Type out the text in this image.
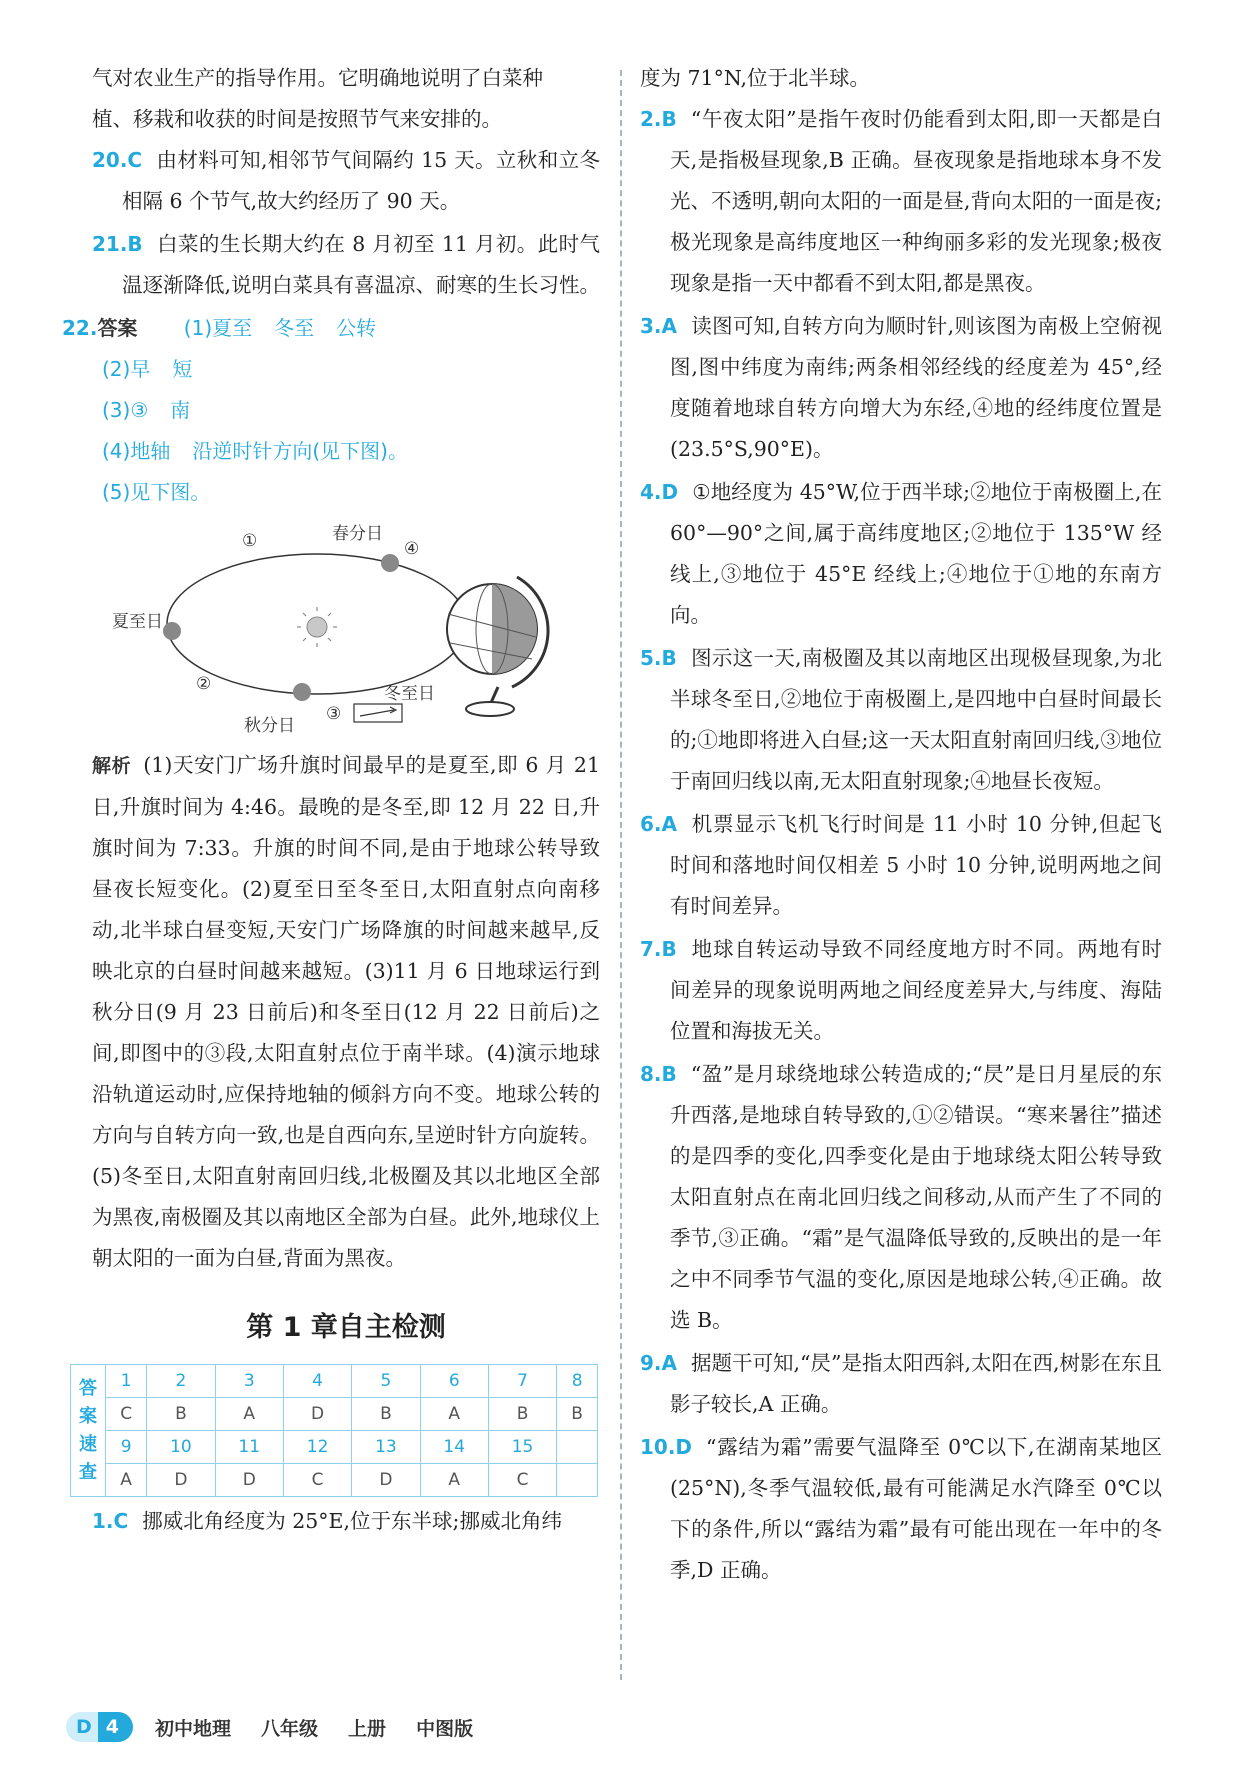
气对农业生产的指导作用。它明确地说明了白菜种

植、移栽和收获的时间是按照节气来安排的。

20.C 由材料可知,相邻节气间隔约 15 天。立秋和立冬相隔 6 个节气,故大约经历了 90 天。

21.B 白菜的生长期大约在 8 月初至 11 月初。此时气温逐渐降低,说明白菜具有喜温凉、耐寒的生长习性。

22.答案 (1)夏至 冬至 公转
(2)早 短
(3)③ 南
(4)地轴 沿逆时针方向(见下图)。
(5)见下图。
春分日
夏至日
秋分日
冬至日
①
②
③
④

解析 (1)天安门广场升旗时间最早的是夏至,即 6 月 21 日,升旗时间为 4:46。最晚的是冬至,即 12 月 22 日,升旗时间为 7:33。升旗的时间不同,是由于地球公转导致昼夜长短变化。(2)夏至日至冬至日,太阳直射点向南移动,北半球白昼变短,天安门广场降旗的时间越来越早,反映北京的白昼时间越来越短。(3)11 月 6 日地球运行到秋分日(9 月 23 日前后)和冬至日(12 月 22 日前后)之间,即图中的③段,太阳直射点位于南半球。(4)演示地球沿轨道运动时,应保持地轴的倾斜方向不变。地球公转的方向与自转方向一致,也是自西向东,呈逆时针方向旋转。(5)冬至日,太阳直射南回归线,北极圈及其以北地区全部为黑夜,南极圈及其以南地区全部为白昼。此外,地球仪上朝太阳的一面为白昼,背面为黑夜。

第 1 章自主检测
答
案
速
查	1	2	3	4	5	6	7	8
	C	B	A	D	B	A	B	B
	9	10	11	12	13	14	15	
	A	D	D	C	D	A	C	

1.C 挪威北角经度为 25°E,位于东半球;挪威北角纬

度为 71°N,位于北半球。

2.B “午夜太阳”是指午夜时仍能看到太阳,即一天都是白天,是指极昼现象,B 正确。昼夜现象是指地球本身不发光、不透明,朝向太阳的一面是昼,背向太阳的一面是夜;极光现象是高纬度地区一种绚丽多彩的发光现象;极夜现象是指一天中都看不到太阳,都是黑夜。

3.A 读图可知,自转方向为顺时针,则该图为南极上空俯视图,图中纬度为南纬;两条相邻经线的经度差为 45°,经度随着地球自转方向增大为东经,④地的经纬度位置是(23.5°S,90°E)。

4.D ①地经度为 45°W,位于西半球;②地位于南极圈上,在 60°—90°之间,属于高纬度地区;②地位于 135°W 经线上,③地位于 45°E 经线上;④地位于①地的东南方向。

5.B 图示这一天,南极圈及其以南地区出现极昼现象,为北半球冬至日,②地位于南极圈上,是四地中白昼时间最长的;①地即将进入白昼;这一天太阳直射南回归线,③地位于南回归线以南,无太阳直射现象;④地昼长夜短。

6.A 机票显示飞机飞行时间是 11 小时 10 分钟,但起飞时间和落地时间仅相差 5 小时 10 分钟,说明两地之间有时间差异。

7.B 地球自转运动导致不同经度地方时不同。两地有时间差异的现象说明两地之间经度差异大,与纬度、海陆位置和海拔无关。

8.B “盈”是月球绕地球公转造成的;“昃”是日月星辰的东升西落,是地球自转导致的,①②错误。“寒来暑往”描述的是四季的变化,四季变化是由于地球绕太阳公转导致太阳直射点在南北回归线之间移动,从而产生了不同的季节,③正确。“霜”是气温降低导致的,反映出的是一年之中不同季节气温的变化,原因是地球公转,④正确。故选 B。

9.A 据题干可知,“昃”是指太阳西斜,太阳在西,树影在东且影子较长,A 正确。

10.D “露结为霜”需要气温降至 0℃以下,在湖南某地区(25°N),冬季气温较低,最有可能满足水汽降至 0℃以下的条件,所以“露结为霜”最有可能出现在一年中的冬季,D 正确。

D 4	初中地理 八年级 上册 中图版
